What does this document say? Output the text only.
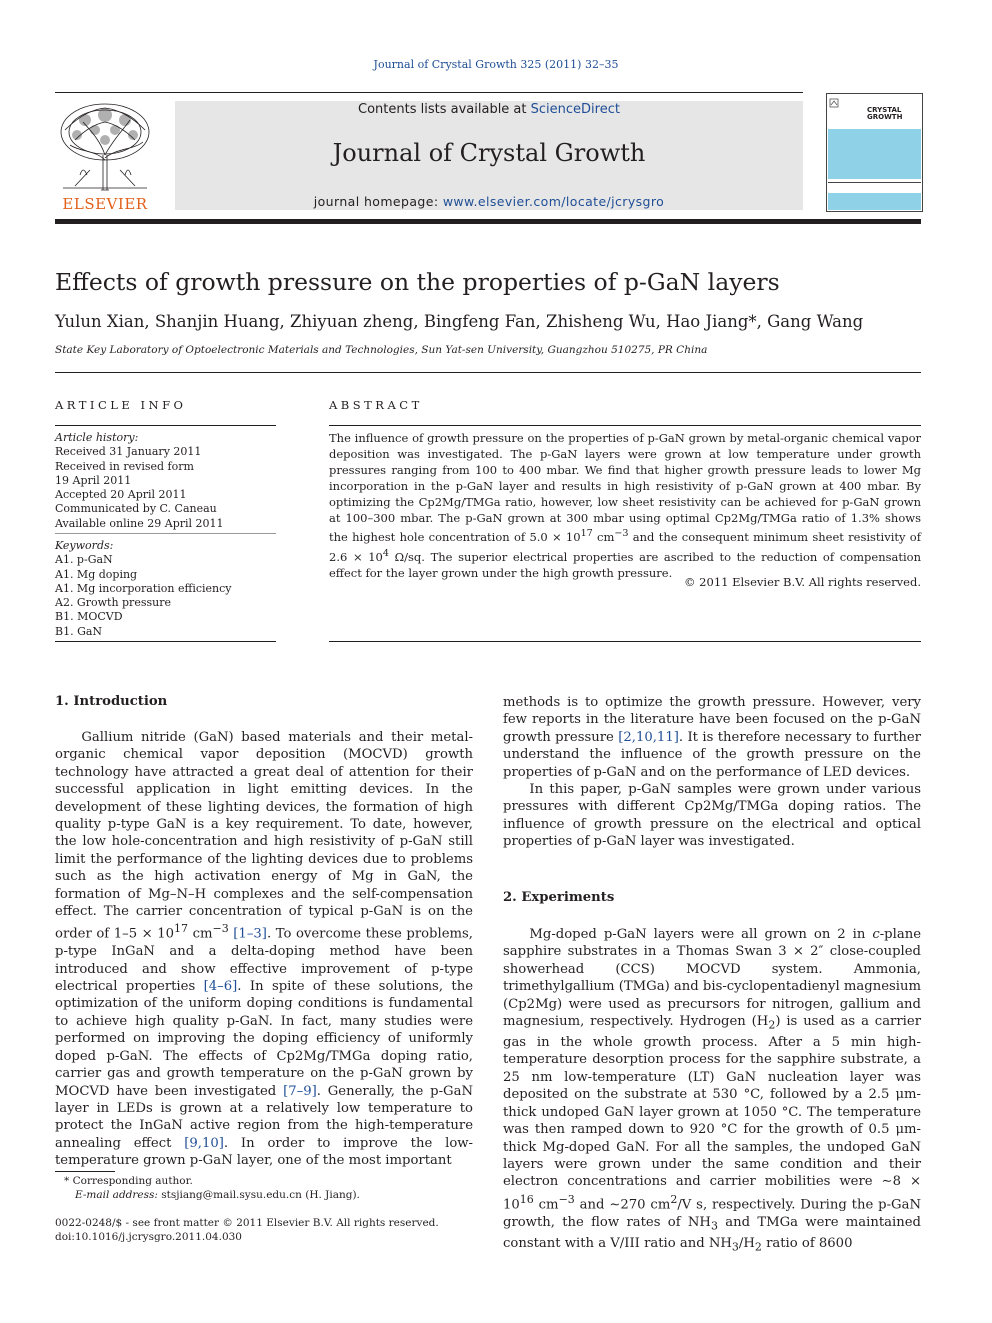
Journal of Crystal Growth 325 (2011) 32–35
ELSEVIER
Contents lists available at ScienceDirect
Journal of Crystal Growth
journal homepage: www.elsevier.com/locate/jcrysgro
CRYSTAL
GROWTH
Effects of growth pressure on the properties of p-GaN layers
Yulun Xian, Shanjin Huang, Zhiyuan zheng, Bingfeng Fan, Zhisheng Wu, Hao Jiang*, Gang Wang
State Key Laboratory of Optoelectronic Materials and Technologies, Sun Yat-sen University, Guangzhou 510275, PR China
ARTICLE INFO
Article history:
Received 31 January 2011
Received in revised form
19 April 2011
Accepted 20 April 2011
Communicated by C. Caneau
Available online 29 April 2011
Keywords:
A1. p-GaN
A1. Mg doping
A1. Mg incorporation efficiency
A2. Growth pressure
B1. MOCVD
B1. GaN
ABSTRACT
The influence of growth pressure on the properties of p-GaN grown by metal-organic chemical vapor deposition was investigated. The p-GaN layers were grown at low temperature under growth pressures ranging from 100 to 400 mbar. We find that higher growth pressure leads to lower Mg incorporation in the p-GaN layer and results in high resistivity of p-GaN grown at 400 mbar. By optimizing the Cp2Mg/TMGa ratio, however, low sheet resistivity can be achieved for p-GaN grown at 100–300 mbar. The p-GaN grown at 300 mbar using optimal Cp2Mg/TMGa ratio of 1.3% shows the highest hole concentration of $5.0 \times 10^{17}$ $cm^{-3}$ and the consequent minimum sheet resistivity of $2.6 \times 10^4$ Ω/sq. The superior electrical properties are ascribed to the reduction of compensation effect for the layer grown under the high growth pressure.
© 2011 Elsevier B.V. All rights reserved.
1. Introduction

Gallium nitride (GaN) based materials and their metal-organic chemical vapor deposition (MOCVD) growth technology have attracted a great deal of attention for their successful application in light emitting devices. In the development of these lighting devices, the formation of high quality p-type GaN is a key requirement. To date, however, the low hole-concentration and high resistivity of p-GaN still limit the performance of the lighting devices due to problems such as the high activation energy of Mg in GaN, the formation of Mg–N–H complexes and the self-compensation effect. The carrier concentration of typical p-GaN is on the order of $1-5 \times 10^{17}$ $cm^{-3}$ [1–3]. To overcome these problems, p-type InGaN and a delta-doping method have been introduced and show effective improvement of p-type electrical properties [4–6]. In spite of these solutions, the optimization of the uniform doping conditions is fundamental to achieve high quality p-GaN. In fact, many studies were performed on improving the doping efficiency of uniformly doped p-GaN. The effects of Cp2Mg/TMGa doping ratio, carrier gas and growth temperature on the p-GaN grown by MOCVD have been investigated [7–9]. Generally, the p-GaN layer in LEDs is grown at a relatively low temperature to protect the InGaN active region from the high-temperature annealing effect [9,10]. In order to improve the low-temperature grown p-GaN layer, one of the most important

* Corresponding author.
E-mail address: stsjiang@mail.sysu.edu.cn (H. Jiang).
0022-0248/$ - see front matter © 2011 Elsevier B.V. All rights reserved.
doi:10.1016/j.jcrysgro.2011.04.030

methods is to optimize the growth pressure. However, very few reports in the literature have been focused on the p-GaN growth pressure [2,10,11]. It is therefore necessary to further understand the influence of the growth pressure on the properties of p-GaN and on the performance of LED devices.

In this paper, p-GaN samples were grown under various pressures with different Cp2Mg/TMGa doping ratios. The influence of growth pressure on the electrical and optical properties of p-GaN layer was investigated.

2. Experiments

Mg-doped p-GaN layers were all grown on 2 in c-plane sapphire substrates in a Thomas Swan 3 × 2″ close-coupled showerhead (CCS) MOCVD system. Ammonia, trimethylgallium (TMGa) and bis-cyclopentadienyl magnesium (Cp2Mg) were used as precursors for nitrogen, gallium and magnesium, respectively. Hydrogen $(H_2)$ is used as a carrier gas in the whole growth process. After a 5 min high-temperature desorption process for the sapphire substrate, a 25 nm low-temperature (LT) GaN nucleation layer was deposited on the substrate at 530 °C, followed by a 2.5 μm-thick undoped GaN layer grown at 1050 °C. The temperature was then ramped down to 920 °C for the growth of 0.5 μm-thick Mg-doped GaN. For all the samples, the undoped GaN layers were grown under the same condition and their electron concentrations and carrier mobilities were ∼8 × $10^{16}$ $cm^{-3}$ and ∼270 $cm^2/V$ s, respectively. During the p-GaN growth, the flow rates of $NH_3$ and TMGa were maintained constant with a V/III ratio and $NH_3/H_2$ ratio of 8600
